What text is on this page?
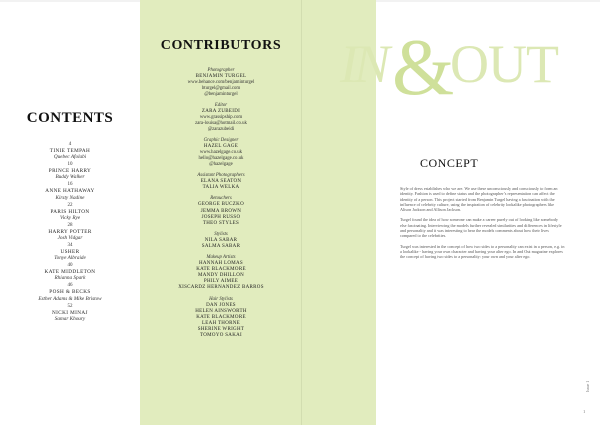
CONTENTS
4
TINIE TEMPAH
Quebec Afolabi
10
PRINCE HARRY
Buddy Walker
16
ANNE HATHAWAY
Kirsty Nadine
22
PARIS HILTON
Vicky Rye
28
HARRY POTTER
Josh Vidgar
34
USHER
Tonye Albraide
40
KATE MIDDLETON
Rhianna Spark
46
POSH & BECKS
Esther Adams & Mike Bristow
52
NICKI MINAJ
Samar Khoury
CONTRIBUTORS
Photographer
BENJAMIN TURGEL
www.behance.com/benjaminturgel
bturgel@gmail.com
@benjaminturgel
Editor
ZARA ZUBEIDI
www.grassipship.com
zara-louisa@hotmail.co.uk
@zarazubeidi
Graphic Designer
HAZEL GAGE
www.hazelgage.co.uk
hello@hazelgage.co.uk
@hazelgage
Assistant Photographers
ELANA SEATON
TALIA WELKA
Retouchers
GEORGE BUCZKO
JEMMA BROWN
JOSEPH RUSSO
THEO STYLES
Stylists
NILA SABAR
SALMA SABAR
Makeup Artists
HANNAH LOMAS
KATE BLACKMORE
MANDY DHILLON
PHILY AIMEE
XISCARDZ HERNANDEZ BARROS
Hair Stylists
DAN JONES
HELEN AINSWORTH
KATE BLACKMORE
LEAH THORNE
SHERINE WRIGHT
TOMOYO SAKAI
IN &
OUT
CONCEPT

Style of dress establishes who we are. We use these unconsciously and consciously to form an identity. Fashion is used to define status and the photographer’s representation can affect the identity of a person. This project started from Benjamin Turgel having a fascination with the influence of celebrity culture, using the inspiration of celebrity lookalike photographers like Alison Jackson and Allison Jackson.

Turgel found the idea of how someone can make a career purely out of looking like somebody else fascinating. Interviewing the models further revealed similarities and differences in lifestyle and personality and it was interesting to hear the models comments about how their lives compared to the celebrities.

Turgel was interested in the concept of how two sides to a personality can exist in a person, e.g. in a lookalike - having your own character and having your alter ego. In and Out magazine explores the concept of having two sides to a personality: your own and your alter ego.

Issue 1
1
